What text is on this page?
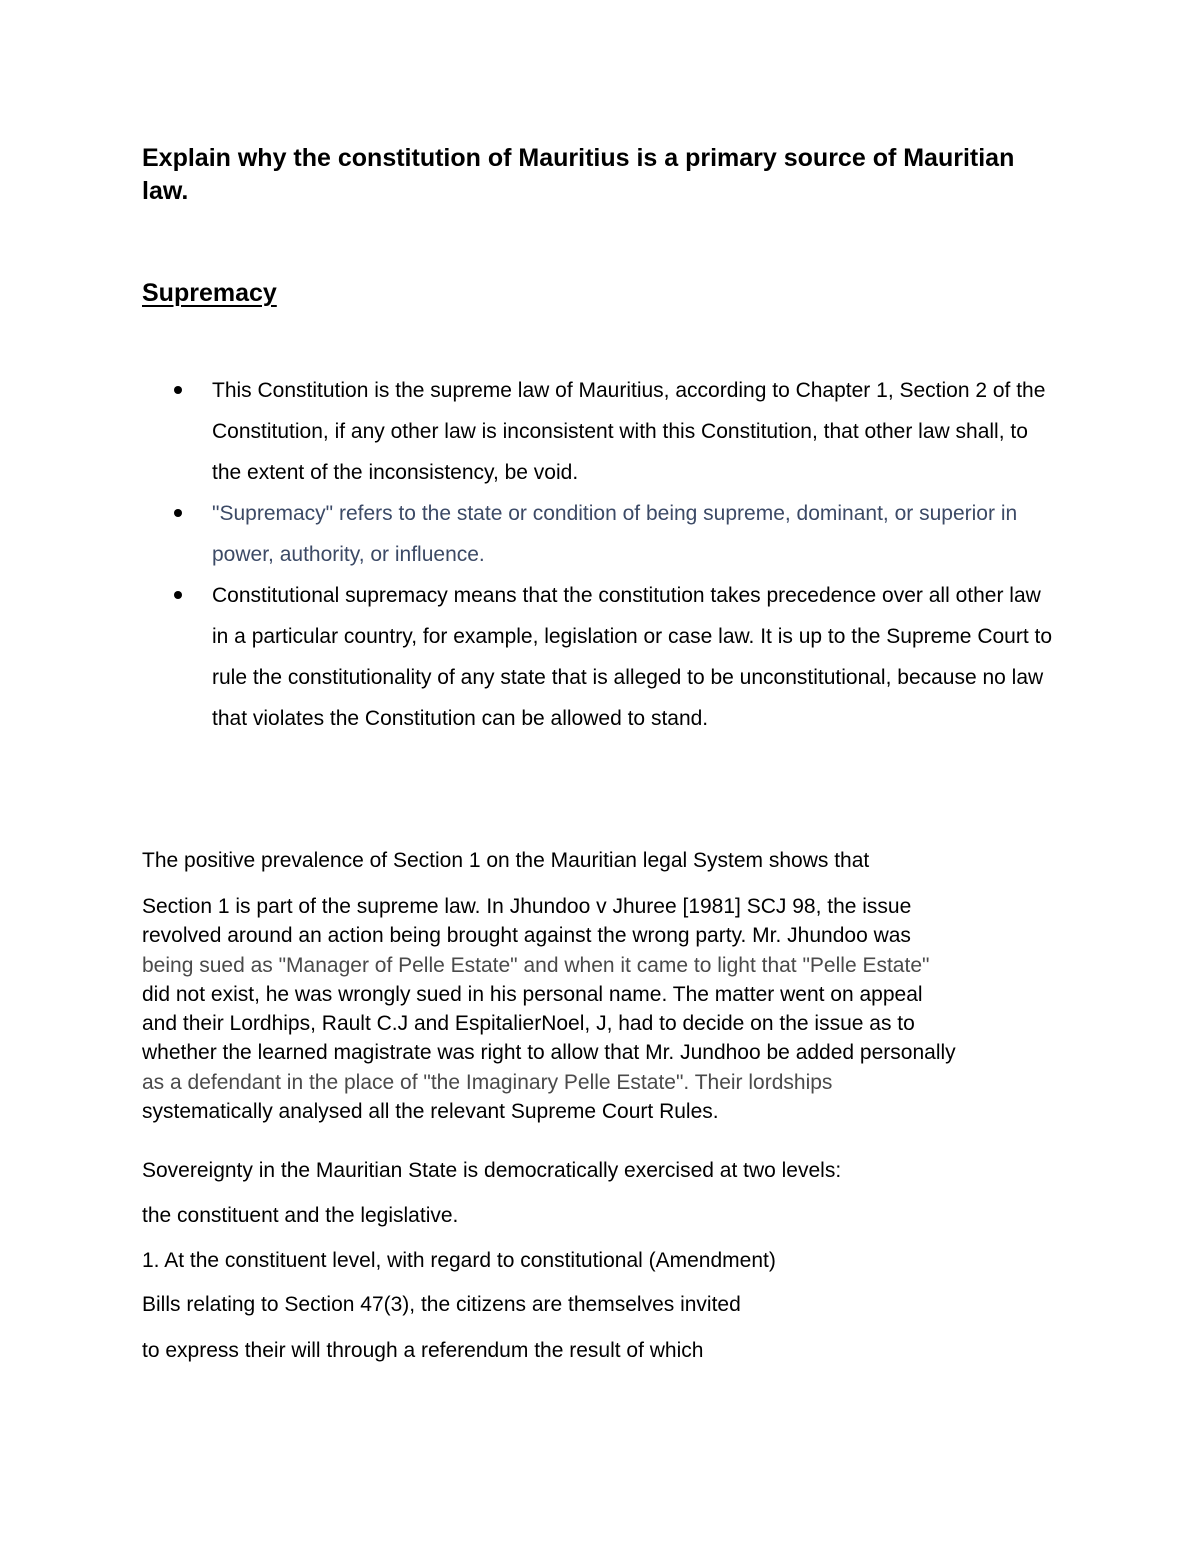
Explain why the constitution of Mauritius is a primary source of Mauritian law.
Supremacy
This Constitution is the supreme law of Mauritius, according to Chapter 1, Section 2 of the Constitution, if any other law is inconsistent with this Constitution, that other law shall, to the extent of the inconsistency, be void.
"Supremacy" refers to the state or condition of being supreme, dominant, or superior in power, authority, or influence.
Constitutional supremacy means that the constitution takes precedence over all other law in a particular country, for example, legislation or case law. It is up to the Supreme Court to rule the constitutionality of any state that is alleged to be unconstitutional, because no law that violates the Constitution can be allowed to stand.

The positive prevalence of Section 1 on the Mauritian legal System shows that

Section 1 is part of the supreme law. In Jhundoo v Jhuree [1981] SCJ 98, the issue
revolved around an action being brought against the wrong party. Mr. Jhundoo was
being sued as "Manager of Pelle Estate" and when it came to light that "Pelle Estate"
did not exist, he was wrongly sued in his personal name. The matter went on appeal
and their Lordhips, Rault C.J and EspitalierNoel, J, had to decide on the issue as to
whether the learned magistrate was right to allow that Mr. Jundhoo be added personally
as a defendant in the place of "the Imaginary Pelle Estate". Their lordships
systematically analysed all the relevant Supreme Court Rules.

Sovereignty in the Mauritian State is democratically exercised at two levels:

the constituent and the legislative.

1. At the constituent level, with regard to constitutional (Amendment)

Bills relating to Section 47(3), the citizens are themselves invited

to express their will through a referendum the result of which
